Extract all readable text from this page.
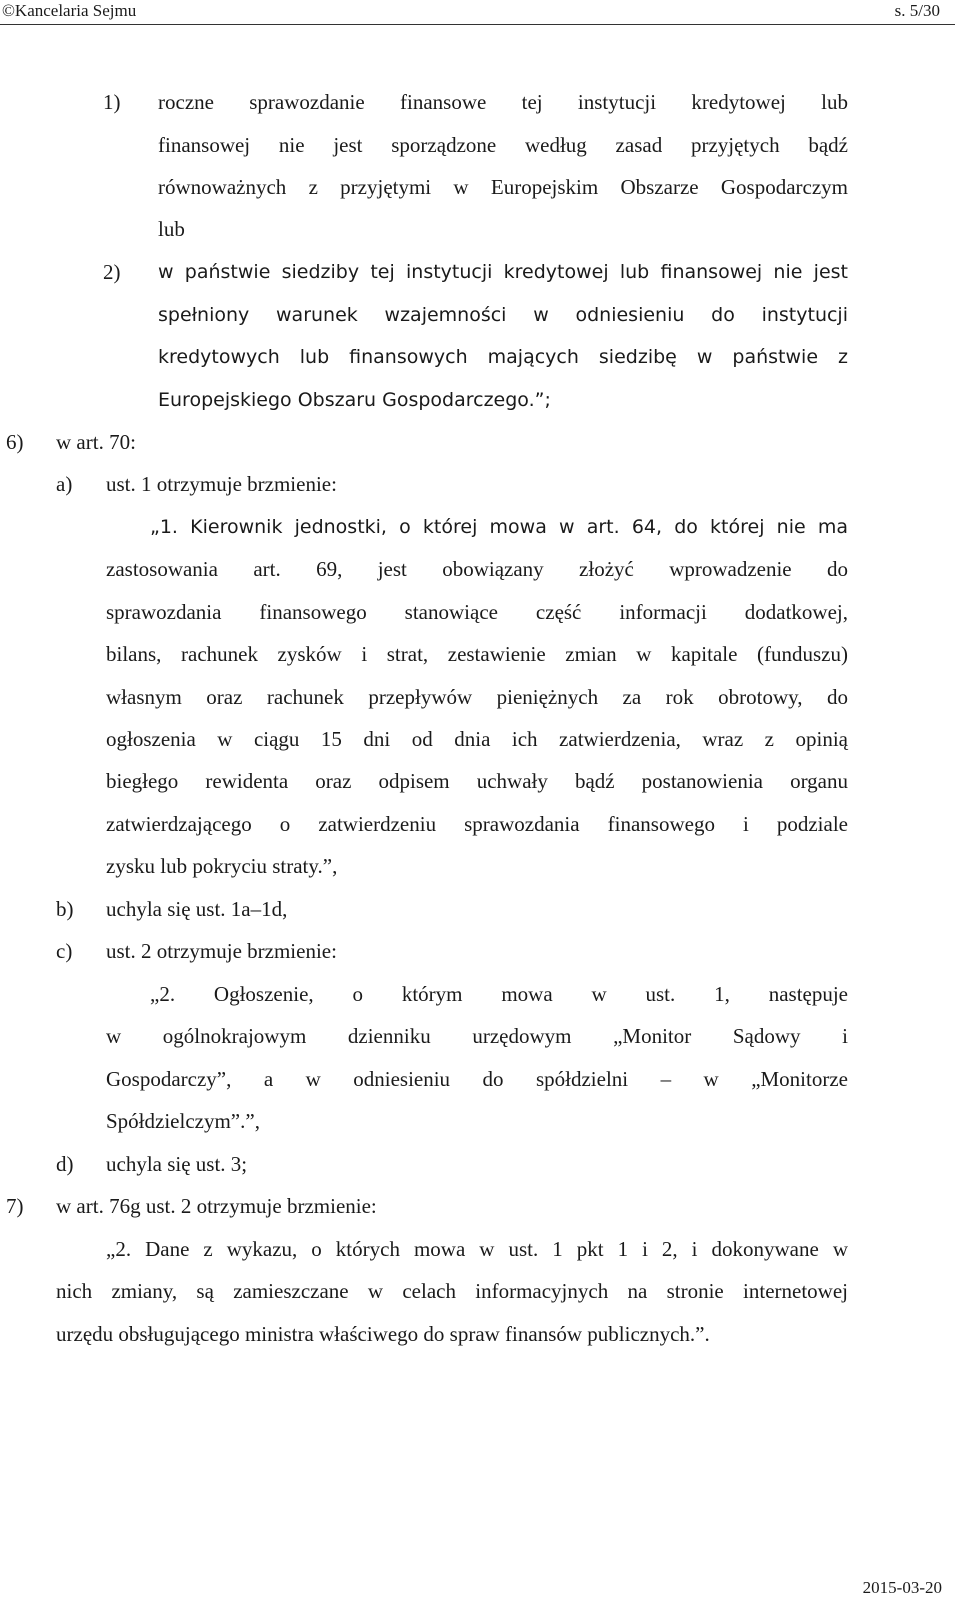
©Kancelaria Sejmu	s. 5/30
1) roczne sprawozdanie finansowe tej instytucji kredytowej lub
finansowej nie jest sporządzone według zasad przyjętych bądź
równoważnych z przyjętymi w Europejskim Obszarze Gospodarczym
lub
2) w państwie siedziby tej instytucji kredytowej lub finansowej nie jest
spełniony warunek wzajemności w odniesieniu do instytucji
kredytowych lub finansowych mających siedzibę w państwie z
Europejskiego Obszaru Gospodarczego.”;
6) w art. 70:
a) ust. 1 otrzymuje brzmienie:
„1. Kierownik jednostki, o której mowa w art. 64, do której nie ma
zastosowania art. 69, jest obowiązany złożyć wprowadzenie do
sprawozdania finansowego stanowiące część informacji dodatkowej,
bilans, rachunek zysków i strat, zestawienie zmian w kapitale (funduszu)
własnym oraz rachunek przepływów pieniężnych za rok obrotowy, do
ogłoszenia w ciągu 15 dni od dnia ich zatwierdzenia, wraz z opinią
biegłego rewidenta oraz odpisem uchwały bądź postanowienia organu
zatwierdzającego o zatwierdzeniu sprawozdania finansowego i podziale
zysku lub pokryciu straty.”,
b) uchyla się ust. 1a–1d,
c) ust. 2 otrzymuje brzmienie:
„2. Ogłoszenie, o którym mowa w ust. 1, następuje
w ogólnokrajowym dzienniku urzędowym „Monitor Sądowy i
Gospodarczy”, a w odniesieniu do spółdzielni – w „Monitorze
Spółdzielczym”.”,
d) uchyla się ust. 3;
7) w art. 76g ust. 2 otrzymuje brzmienie:
„2. Dane z wykazu, o których mowa w ust. 1 pkt 1 i 2, i dokonywane w
nich zmiany, są zamieszczane w celach informacyjnych na stronie internetowej
urzędu obsługującego ministra właściwego do spraw finansów publicznych.”.
2015-03-20
